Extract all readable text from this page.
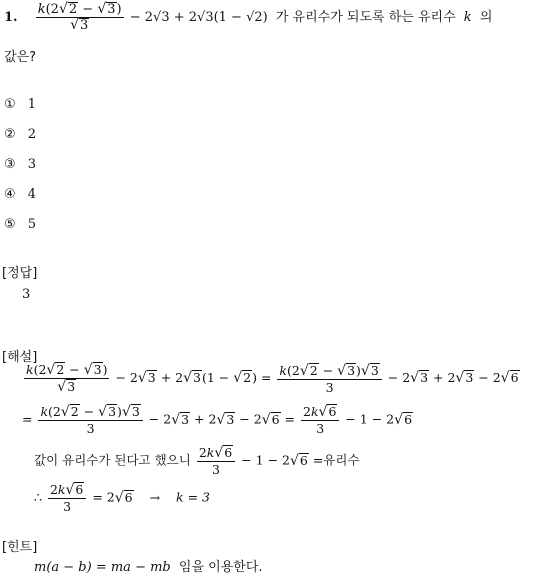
1. $\frac{k(2√2 - √3)}{√3} - 2√3 + 2√3(1 - √2)$ 가 유리수가 되도록 하는 유리수 k 의
값은?
① 1
② 2
③ 3
④ 4
⑤ 5
[정답]
3
[해설]
$\frac{k(2√2 - √3)}{√3} - 2√3 + 2√3(1 - √2) = \frac{k(2√2 - √3)√3}{3} - 2√3 + 2√3 - 2√6$
= $\frac{k(2√2 - √3)√3}{3} - 2√3 + 2√3 - 2√6 = \frac{2k√6}{3} - 1 - 2√6$
값이 유리수가 된다고 했으니 $\frac{2k√6}{3} - 1 - 2√6$ =유리수
∴ $\frac{2k√6}{3} = 2√6 \to k = 3$
[힌트]
m(a − b) = ma − mb 임을 이용한다.
